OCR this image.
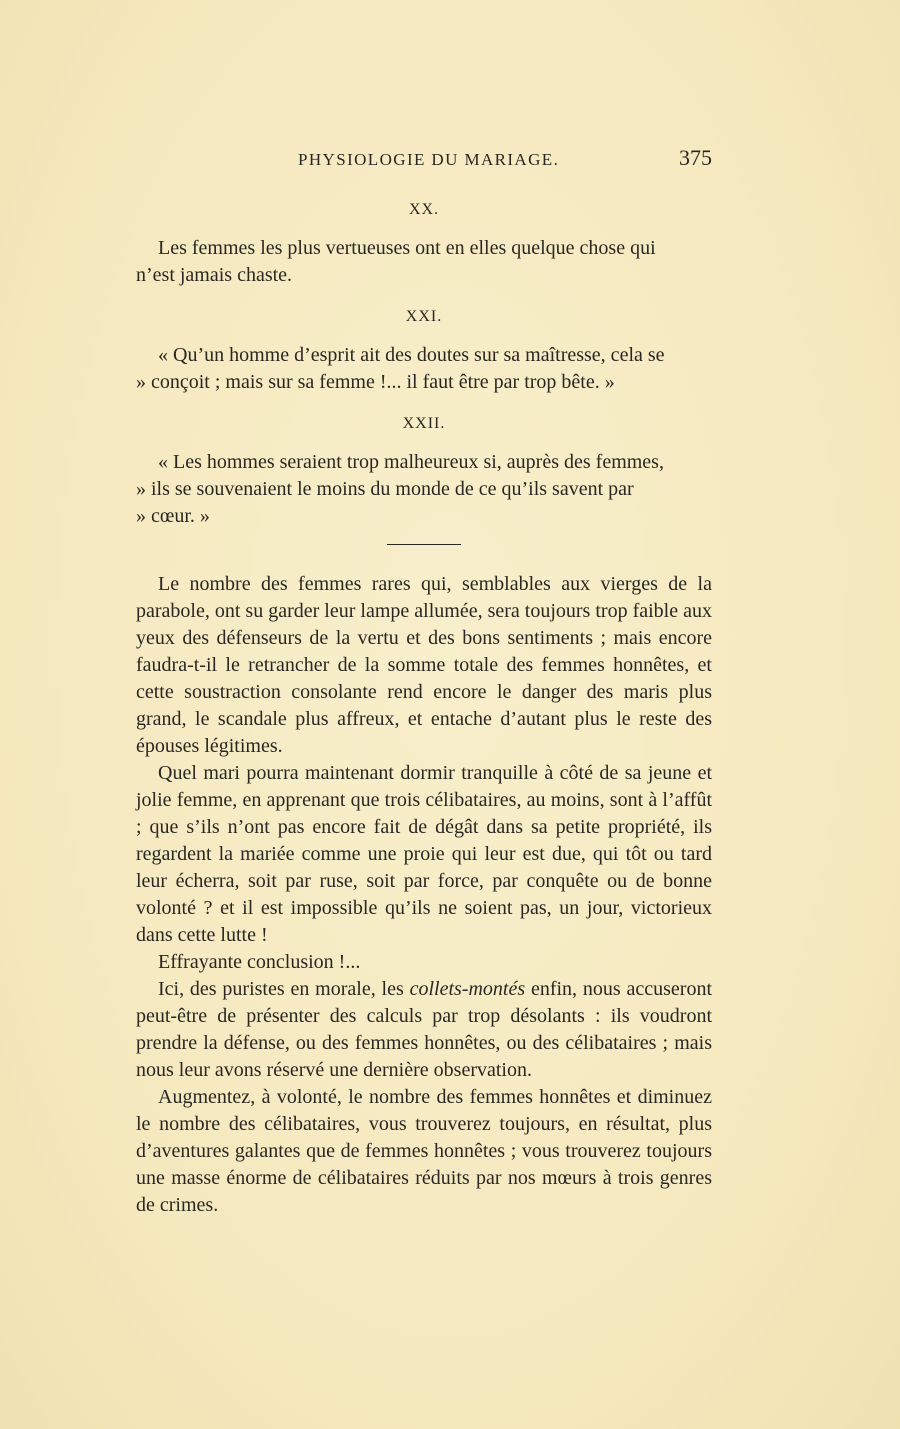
PHYSIOLOGIE DU MARIAGE.	375
XX.
Les femmes les plus vertueuses ont en elles quelque chose qui
n’est jamais chaste.
XXI.
« Qu’un homme d’esprit ait des doutes sur sa maîtresse, cela se
» conçoit ; mais sur sa femme !... il faut être par trop bête. »
XXII.
« Les hommes seraient trop malheureux si, auprès des femmes,
» ils se souvenaient le moins du monde de ce qu’ils savent par
» cœur. »

Le nombre des femmes rares qui, semblables aux vierges de la parabole, ont su garder leur lampe allumée, sera toujours trop faible aux yeux des défenseurs de la vertu et des bons sentiments ; mais encore faudra-t-il le retrancher de la somme totale des femmes honnêtes, et cette soustraction consolante rend encore le danger des maris plus grand, le scandale plus affreux, et entache d’autant plus le reste des épouses légitimes.

Quel mari pourra maintenant dormir tranquille à côté de sa jeune et jolie femme, en apprenant que trois célibataires, au moins, sont à l’affût ; que s’ils n’ont pas encore fait de dégât dans sa petite propriété, ils regardent la mariée comme une proie qui leur est due, qui tôt ou tard leur écherra, soit par ruse, soit par force, par conquête ou de bonne volonté ? et il est impossible qu’ils ne soient pas, un jour, victorieux dans cette lutte !

Effrayante conclusion !...

Ici, des puristes en morale, les collets-montés enfin, nous accuseront peut-être de présenter des calculs par trop désolants : ils voudront prendre la défense, ou des femmes honnêtes, ou des célibataires ; mais nous leur avons réservé une dernière observation.

Augmentez, à volonté, le nombre des femmes honnêtes et diminuez le nombre des célibataires, vous trouverez toujours, en résultat, plus d’aventures galantes que de femmes honnêtes ; vous trouverez toujours une masse énorme de célibataires réduits par nos mœurs à trois genres de crimes.
